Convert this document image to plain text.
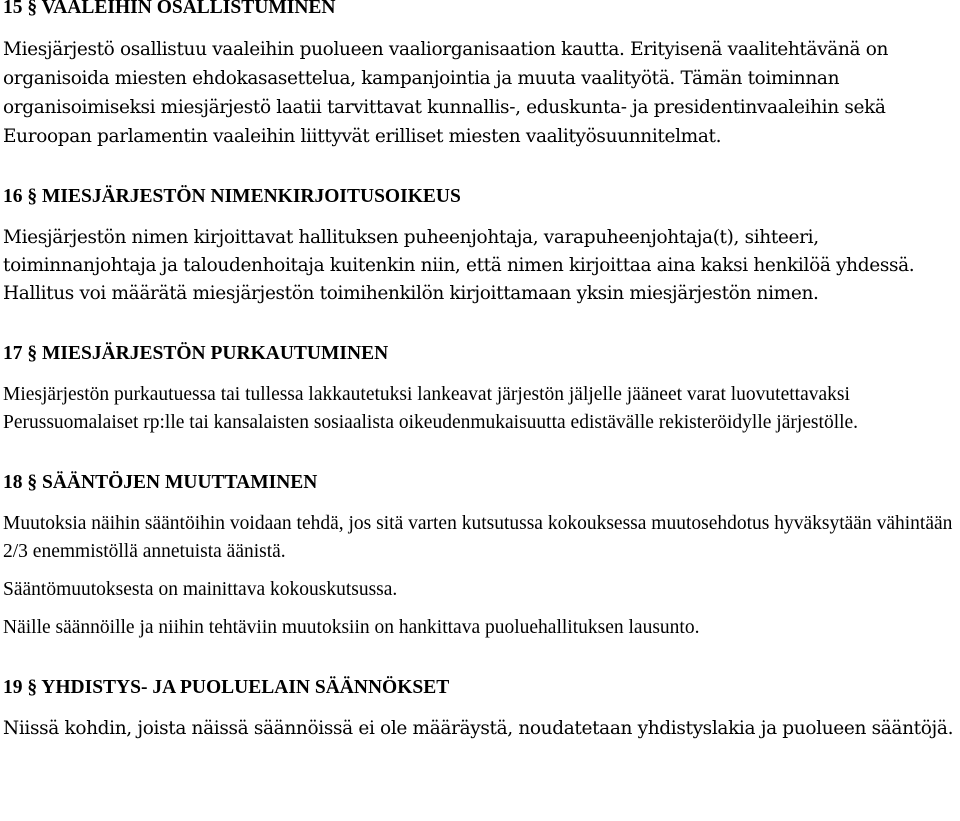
15 § VAALEIHIN OSALLISTUMINEN

Miesjärjestö osallistuu vaaleihin puolueen vaaliorganisaation kautta. Erityisenä vaalitehtävänä on organisoida miesten ehdokasasettelua, kampanjointia ja muuta vaalityötä. Tämän toiminnan organisoimiseksi miesjärjestö laatii tarvittavat kunnallis-, eduskunta- ja presidentinvaaleihin sekä Euroopan parlamentin vaaleihin liittyvät erilliset miesten vaalityösuunnitelmat.

16 § MIESJÄRJESTÖN NIMENKIRJOITUSOIKEUS

Miesjärjestön nimen kirjoittavat hallituksen puheenjohtaja, varapuheenjohtaja(t), sihteeri, toiminnanjohtaja ja taloudenhoitaja kuitenkin niin, että nimen kirjoittaa aina kaksi henkilöä yhdessä. Hallitus voi määrätä miesjärjestön toimihenkilön kirjoittamaan yksin miesjärjestön nimen.

17 § MIESJÄRJESTÖN PURKAUTUMINEN

Miesjärjestön purkautuessa tai tullessa lakkautetuksi lankeavat järjestön jäljelle jääneet varat luovutettavaksi Perussuomalaiset rp:lle tai kansalaisten sosiaalista oikeudenmukaisuutta edistävälle rekisteröidylle järjestölle.

18 § SÄÄNTÖJEN MUUTTAMINEN

Muutoksia näihin sääntöihin voidaan tehdä, jos sitä varten kutsutussa kokouksessa muutosehdotus hyväksytään vähintään 2/3 enemmistöllä annetuista äänistä.

Sääntömuutoksesta on mainittava kokouskutsussa.

Näille säännöille ja niihin tehtäviin muutoksiin on hankittava puoluehallituksen lausunto.

19 § YHDISTYS- JA PUOLUELAIN SÄÄNNÖKSET

Niissä kohdin, joista näissä säännöissä ei ole määräystä, noudatetaan yhdistyslakia ja puolueen sääntöjä.
